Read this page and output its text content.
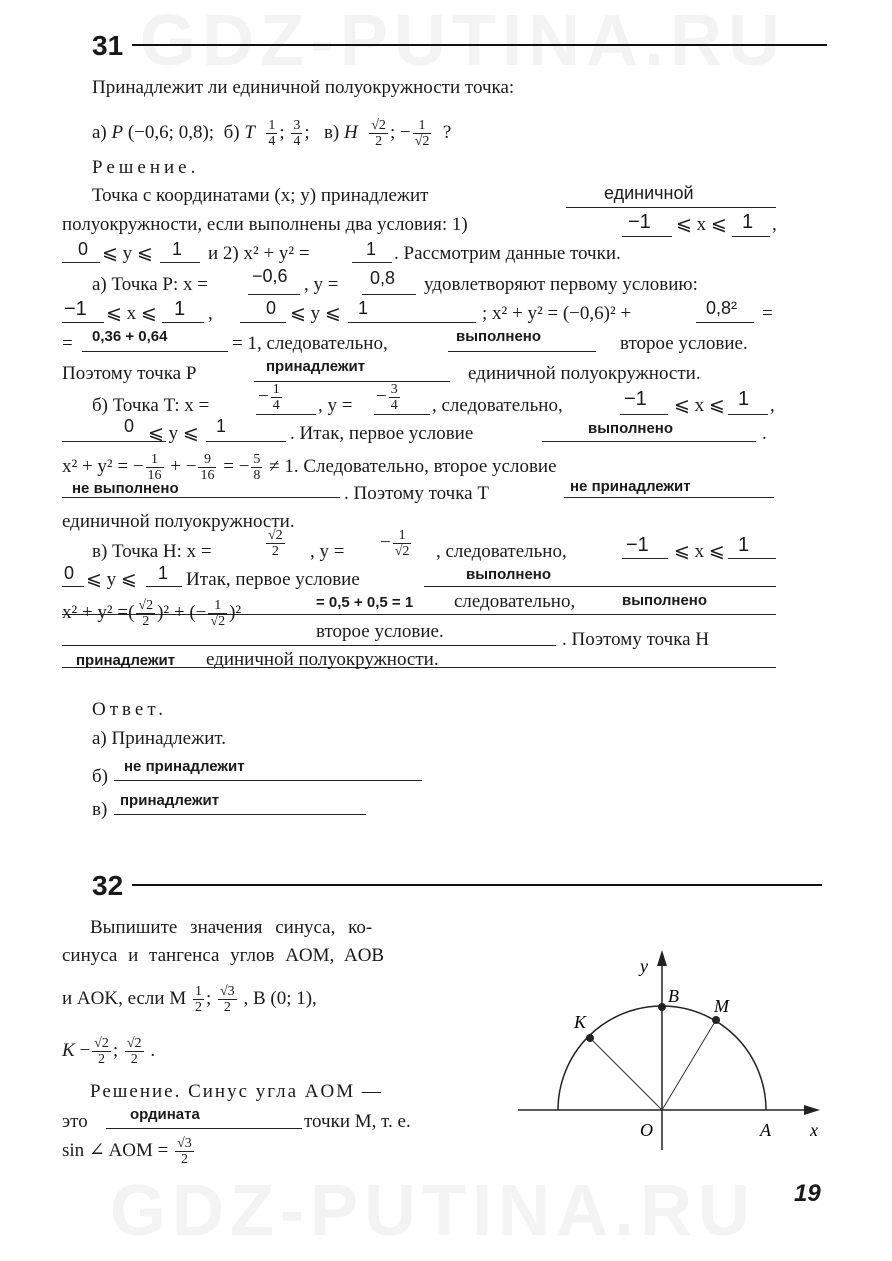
GDZ-PUTINA.RU
GDZ-PUTINA.RU
31
Принадлежит ли единичной полуокружности точка:
а) P (−0,6; 0,8); б) T $\frac{1}{4}$ ; $\frac{3}{4}$ ;   в) H $\frac{√2}{2}$ ; − $\frac{1}{√2}$ ?
Решение.
Точка с координатами (x; y) принадлежит	единичной
полуокружности, если выполнены два условия: 1)	−1 ⩽ x ⩽ 1 ,
0 ⩽ y ⩽ 1 и 2) x² + y² =	1 . Рассмотрим данные точки.
а) Точка P: x = −0,6 , y = 0,8 удовлетворяют первому условию:
−1 ⩽ x ⩽ 1 ,	0 ⩽ y ⩽ 1	; x² + y² = (−0,6)² +	0,8² =
= 0,36 + 0,64	= 1, следовательно,	выполнено	второе условие.
Поэтому точка P	принадлежит	единичной полуокружности.
б) Точка T: x =	− $\frac{1}{4}$ , y = − $\frac{3}{4}$ , следовательно,	−1 ⩽ x ⩽ 1 ,
0 ⩽ y ⩽ 1	. Итак, первое условие	выполнено	.
x² + y² = − $\frac{1}{16}$ + − $\frac{9}{16}$ = − $\frac{5}{8} \ne 1$. Следовательно, второе условие
не выполнено	. Поэтому точка T	не принадлежит
единичной полуокружности.
в) Точка H: x =	$\frac{√2}{2}$ , y = − $\frac{1}{√2}$ , следовательно,	−1 ⩽ x ⩽ 1
0 ⩽ y ⩽ 1 Итак, первое условие	выполнено
x² + y² =( $\frac{√2}{2} )^2$ + (− $\frac{1}{√2} )^2$	= 0,5 + 0,5 = 1 следовательно,	выполнено
второе условие.	. Поэтому точка H
принадлежит единичной полуокружности.
Ответ.
а) Принадлежит.
б) не принадлежит
в) принадлежит
32
Выпишите значения синуса, ко-
синуса и тангенса углов AOM, AOB
и AOK, если M $\frac{1}{2}$ ; $\frac{√3}{2}$ , B (0; 1),
$K - \frac{√2}{2}$ ; $\frac{√2}{2}$ .
Решение. Синус угла AOM —
это	ордината	точки M, т. е.
sin ∠ AOM = $\frac{√3}{2}$
y
B M
K
O	A x
19
